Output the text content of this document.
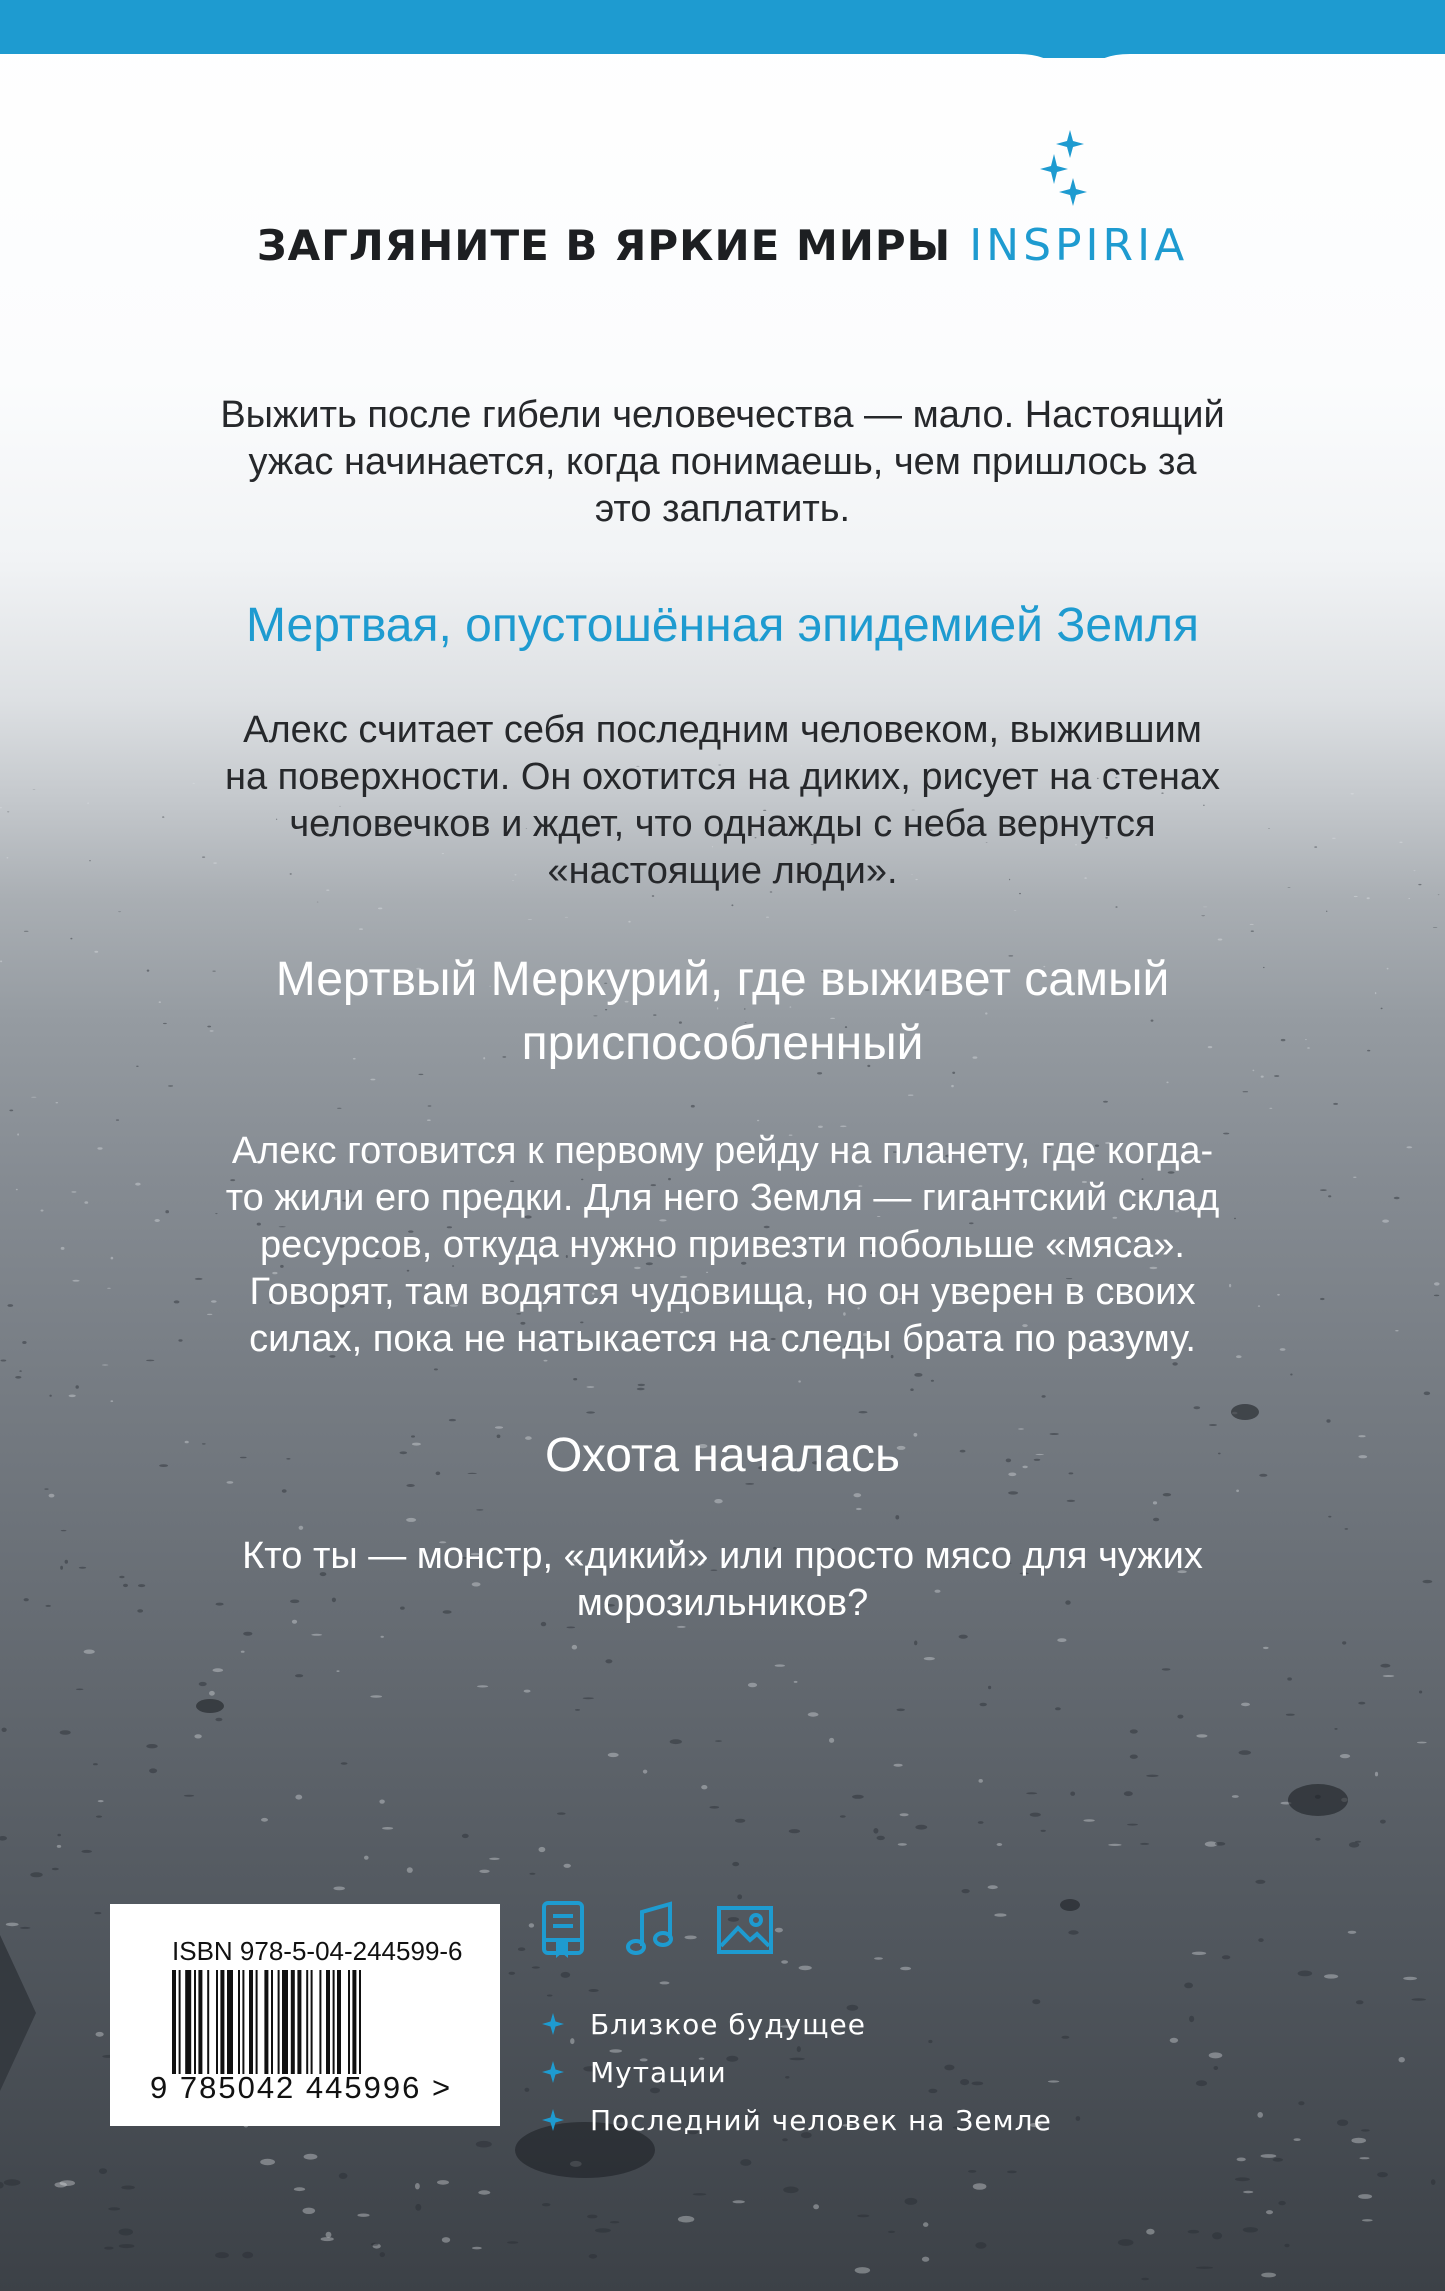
ЗАГЛЯНИТЕ В ЯРКИЕ МИРЫ INSPIRIA
Выжить после гибели человечества — мало. Настоящий
ужас начинается, когда понимаешь, чем пришлось за
это заплатить.
Мертвая, опустошённая эпидемией Земля
Алекс считает себя последним человеком, выжившим
на поверхности. Он охотится на диких, рисует на стенах
человечков и ждет, что однажды с неба вернутся
«настоящие люди».
Мертвый Меркурий, где выживет самый
приспособленный
Алекс готовится к первому рейду на планету, где когда-
то жили его предки. Для него Земля — гигантский склад
ресурсов, откуда нужно привезти побольше «мяса».
Говорят, там водятся чудовища, но он уверен в своих
силах, пока не натыкается на следы брата по разуму.
Охота началась
Кто ты — монстр, «дикий» или просто мясо для чужих
морозильников?
ISBN 978-5-04-244599-6
9 785042 445996 >
Близкое будущее
Мутации
Последний человек на Земле
